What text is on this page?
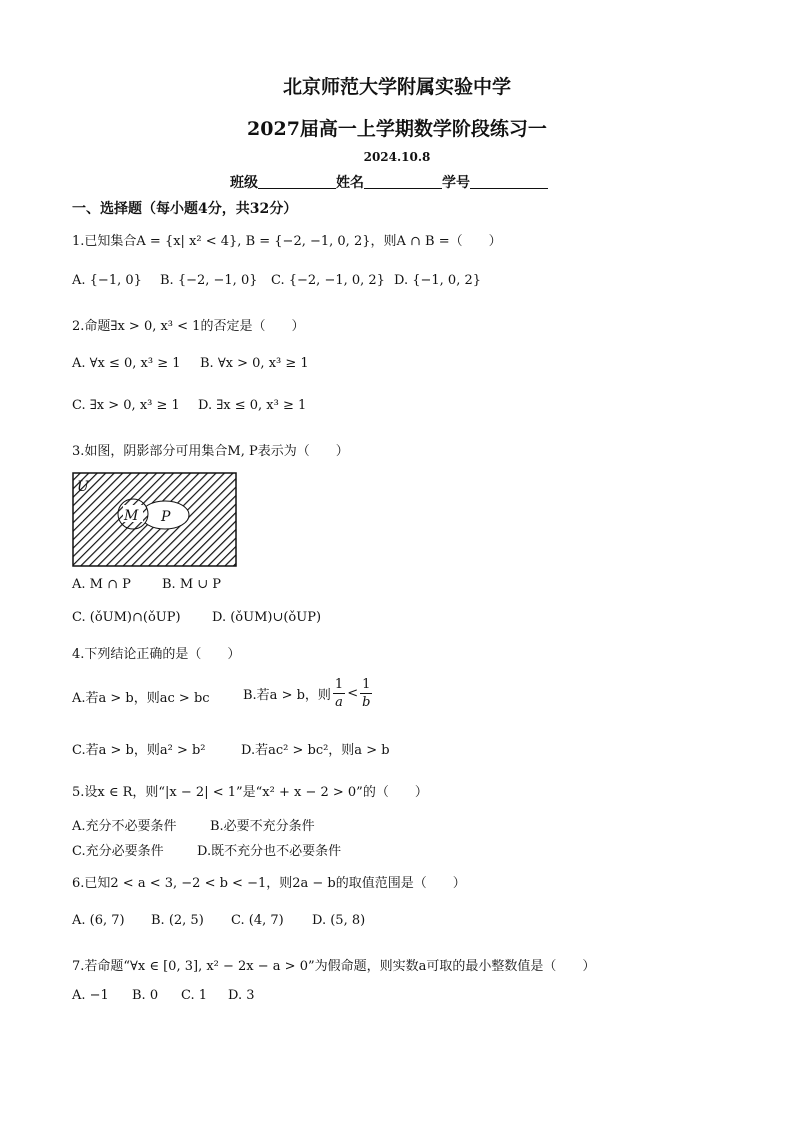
北京师范大学附属实验中学
2027届高一上学期数学阶段练习一
2024.10.8
班级	姓名	学号
一、选择题（每小题4分，共32分）
1.已知集合A = {x| x² < 4}, B = {−2, −1, 0, 2}，则A ∩ B =（　　）
A. {−1, 0} B. {−2, −1, 0} C. {−2, −1, 0, 2} D. {−1, 0, 2}
2.命题∃x > 0, x³ < 1的否定是（　　）
A. ∀x ≤ 0, x³ ≥ 1 B. ∀x > 0, x³ ≥ 1
C. ∃x > 0, x³ ≥ 1 D. ∃x ≤ 0, x³ ≥ 1
3.如图，阴影部分可用集合M, P表示为（　　）
U
M P
A. M ∩ P B. M ∪ P
C. (ǒUM)∩(ǒUP) D. (ǒUM)∪(ǒUP)
4.下列结论正确的是（　　）
A.若a > b，则ac > bc	B.若a > b，则 $\frac{1}{a} < \frac{1}{b}$
C.若a > b，则a² > b²	D.若ac² > bc²，则a > b
5.设x ∈ R，则“|x − 2| < 1”是“x² + x − 2 > 0”的（　　）
A.充分不必要条件	B.必要不充分条件
C.充分必要条件	D.既不充分也不必要条件
6.已知2 < a < 3, −2 < b < −1，则2a − b的取值范围是（　　）
A. (6, 7) B. (2, 5) C. (4, 7) D. (5, 8)
7.若命题“∀x ∈ [0, 3], x² − 2x − a > 0”为假命题，则实数a可取的最小整数值是（　　）
A. −1 B. 0 C. 1 D. 3
